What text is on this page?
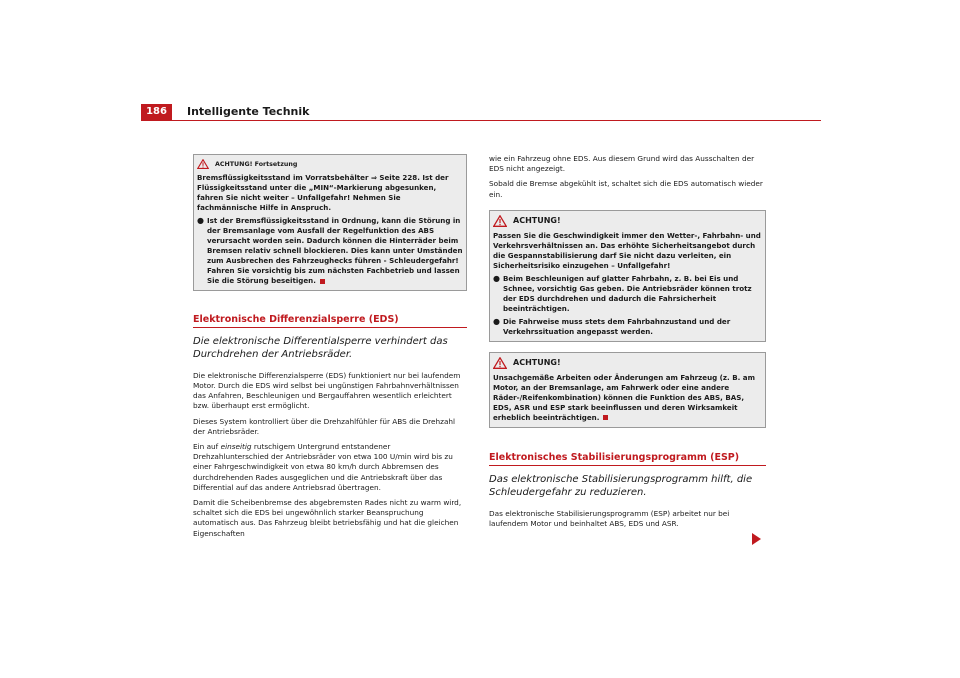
186	Intelligente Technik
ACHTUNG! Fortsetzung

Bremsflüssigkeitsstand im Vorratsbehälter ⇒ Seite 228. Ist der Flüssigkeitsstand unter die „MIN“-Markierung abgesunken, fahren Sie nicht weiter – Unfallgefahr! Nehmen Sie fachmännische Hilfe in Anspruch.

● Ist der Bremsflüssigkeitsstand in Ordnung, kann die Störung in der Bremsanlage vom Ausfall der Regelfunktion des ABS verursacht worden sein. Dadurch können die Hinterräder beim Bremsen relativ schnell blockieren. Dies kann unter Umständen zum Ausbrechen des Fahrzeughecks führen - Schleudergefahr! Fahren Sie vorsichtig bis zum nächsten Fachbetrieb und lassen Sie die Störung beseitigen.

Elektronische Differenzialsperre (EDS)
Die elektronische Differentialsperre verhindert das Durchdrehen der Antriebsräder.

Die elektronische Differenzialsperre (EDS) funktioniert nur bei laufendem Motor. Durch die EDS wird selbst bei ungünstigen Fahrbahnverhältnissen das Anfahren, Beschleunigen und Bergauffahren wesentlich erleichtert bzw. überhaupt erst ermöglicht.

Dieses System kontrolliert über die Drehzahlfühler für ABS die Drehzahl der Antriebsräder.

Ein auf einseitig rutschigem Untergrund entstandener Drehzahlunterschied der Antriebsräder von etwa 100 U/min wird bis zu einer Fahrgeschwindigkeit von etwa 80 km/h durch Abbremsen des durchdrehenden Rades ausgeglichen und die Antriebskraft über das Differential auf das andere Antriebsrad übertragen.

Damit die Scheibenbremse des abgebremsten Rades nicht zu warm wird, schaltet sich die EDS bei ungewöhnlich starker Beanspruchung automatisch aus. Das Fahrzeug bleibt betriebsfähig und hat die gleichen Eigenschaften

wie ein Fahrzeug ohne EDS. Aus diesem Grund wird das Ausschalten der EDS nicht angezeigt.

Sobald die Bremse abgekühlt ist, schaltet sich die EDS automatisch wieder ein.

ACHTUNG!

Passen Sie die Geschwindigkeit immer den Wetter-, Fahrbahn- und Verkehrsverhältnissen an. Das erhöhte Sicherheitsangebot durch die Gespannstabilisierung darf Sie nicht dazu verleiten, ein Sicherheitsrisiko einzugehen – Unfallgefahr!

● Beim Beschleunigen auf glatter Fahrbahn, z. B. bei Eis und Schnee, vorsichtig Gas geben. Die Antriebsräder können trotz der EDS durchdrehen und dadurch die Fahrsicherheit beeinträchtigen.

● Die Fahrweise muss stets dem Fahrbahnzustand und der Verkehrssituation angepasst werden.

ACHTUNG!

Unsachgemäße Arbeiten oder Änderungen am Fahrzeug (z. B. am Motor, an der Bremsanlage, am Fahrwerk oder eine andere Räder-/Reifenkombination) können die Funktion des ABS, BAS, EDS, ASR und ESP stark beeinflussen und deren Wirksamkeit erheblich beeinträchtigen.

Elektronisches Stabilisierungsprogramm (ESP)
Das elektronische Stabilisierungsprogramm hilft, die Schleudergefahr zu reduzieren.

Das elektronische Stabilisierungsprogramm (ESP) arbeitet nur bei laufendem Motor und beinhaltet ABS, EDS und ASR.
